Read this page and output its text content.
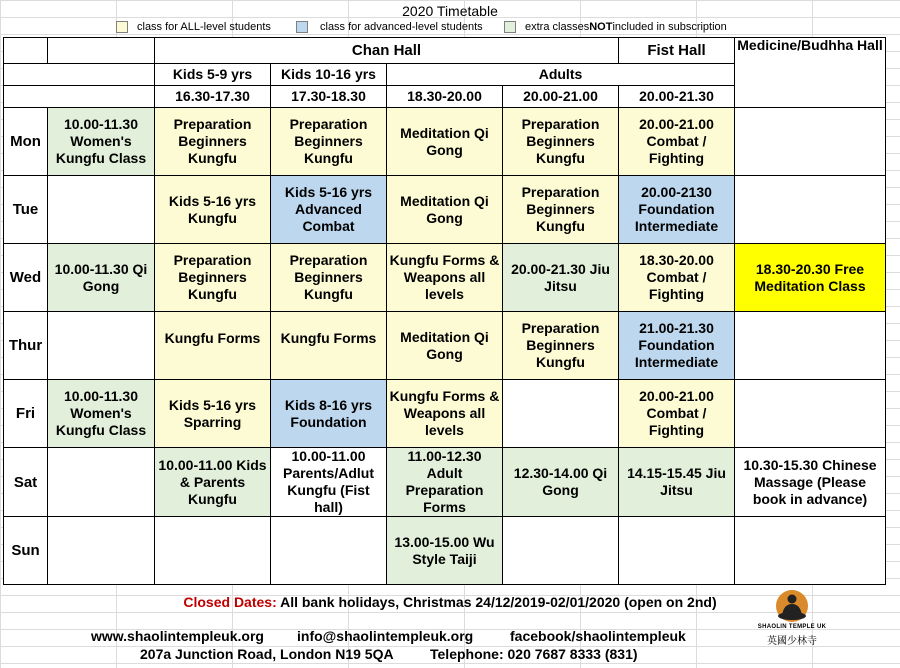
2020 Timetable
class for ALL-level students	class for advanced-level students	extra classes NOT included in subscription
		Chan Hall				Fist Hall	Medicine/Budhha Hall

		Kids 5-9 yrs	Kids 10-16 yrs	Adults			
		16.30-17.30	17.30-18.30	18.30-20.00	20.00-21.00	20.00-21.30	
Mon	10.00-11.30 Women's Kungfu Class	Preparation Beginners Kungfu	Preparation Beginners Kungfu	Meditation Qi Gong	Preparation Beginners Kungfu	20.00-21.00 Combat / Fighting	
Tue		Kids 5-16 yrs Kungfu	Kids 5-16 yrs Advanced Combat	Meditation Qi Gong	Preparation Beginners Kungfu	20.00-2130 Foundation Intermediate	
Wed	10.00-11.30 Qi Gong	Preparation Beginners Kungfu	Preparation Beginners Kungfu	Kungfu Forms & Weapons all levels	20.00-21.30 Jiu Jitsu	18.30-20.00 Combat / Fighting	18.30-20.30 Free Meditation Class
Thur		Kungfu Forms	Kungfu Forms	Meditation Qi Gong	Preparation Beginners Kungfu	21.00-21.30 Foundation Intermediate	
Fri	10.00-11.30 Women's Kungfu Class	Kids 5-16 yrs Sparring	Kids 8-16 yrs Foundation	Kungfu Forms & Weapons all levels		20.00-21.00 Combat / Fighting	
Sat		10.00-11.00 Kids & Parents Kungfu	10.00-11.00 Parents/Adlut Kungfu (Fist hall)	11.00-12.30 Adult Preparation Forms	12.30-14.00 Qi Gong	14.15-15.45 Jiu Jitsu	10.30-15.30 Chinese Massage (Please book in advance)
Sun				13.00-15.00 Wu Style Taiji			
Closed Dates: All bank holidays, Christmas 24/12/2019-02/01/2020 (open on 2nd)
www.shaolintempleuk.org info@shaolintempleuk.org	facebook/shaolintempleuk
207a Junction Road, London N19 5QA	Telephone: 020 7687 8333 (831)
SHAOLIN TEMPLE UK
英國少林寺
